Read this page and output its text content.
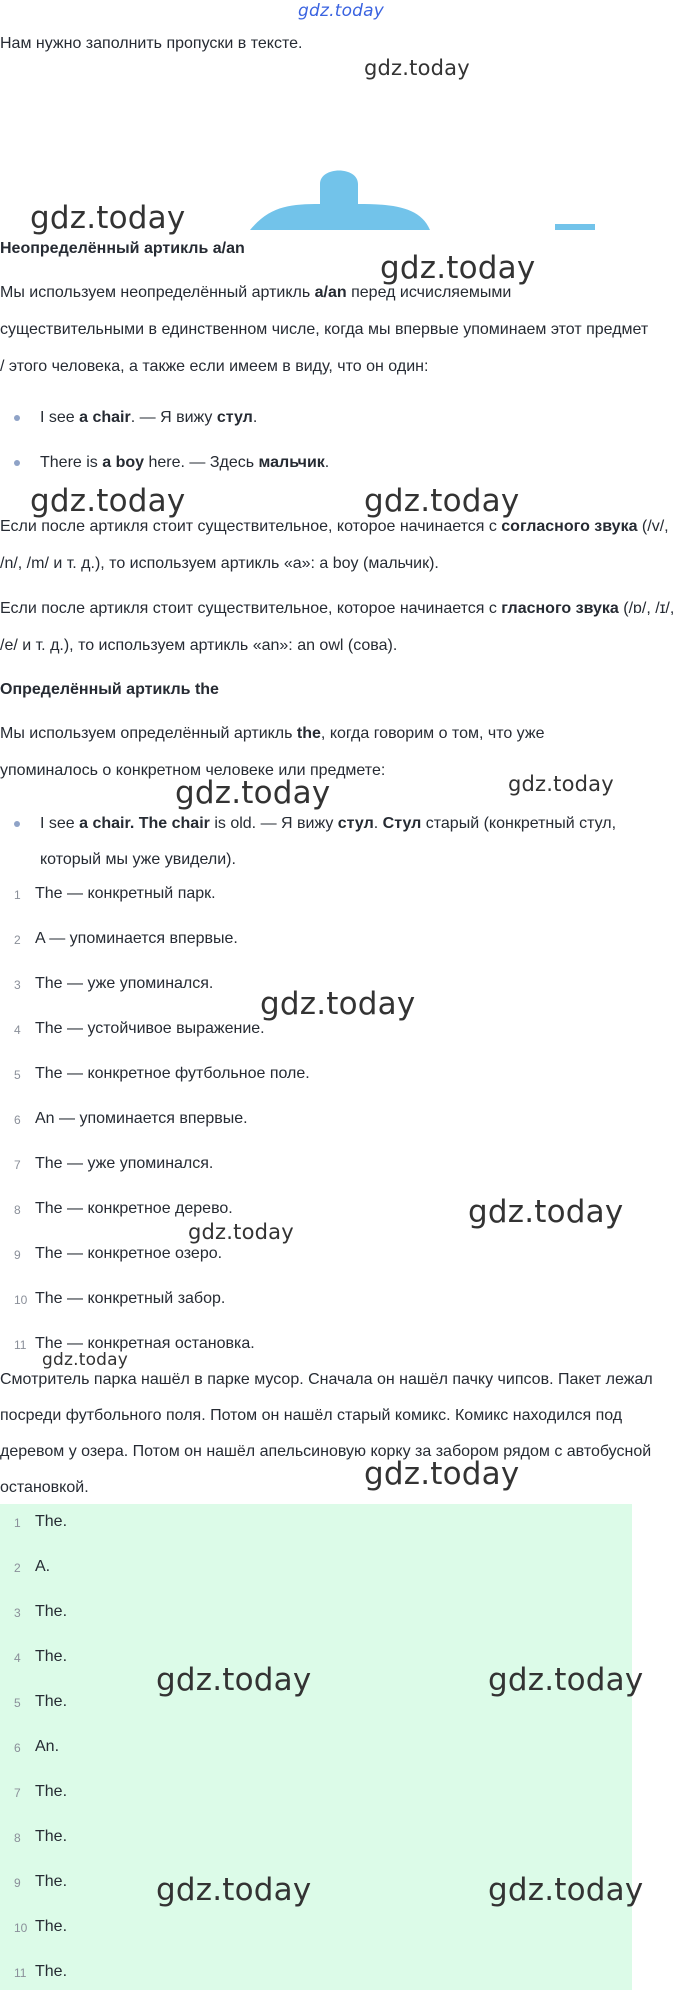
gdz.today

Нам нужно заполнить пропуски в тексте.

Неопределённый артикль a/an

Мы используем неопределённый артикль a/an перед исчисляемыми существительными в единственном числе, когда мы впервые упоминаем этот предмет / этого человека, а также если имеем в виду, что он один:

I see a chair. — Я вижу стул.

There is a boy here. — Здесь мальчик.

Если после артикля стоит существительное, которое начинается с согласного звука (/v/, /n/, /m/ и т. д.), то используем артикль «a»: a boy (мальчик).

Если после артикля стоит существительное, которое начинается с гласного звука (/ɒ/, /ɪ/, /e/ и т. д.), то используем артикль «an»: an owl (сова).

Определённый артикль the

Мы используем определённый артикль the, когда говорим о том, что уже упоминалось о конкретном человеке или предмете:

I see a chair. The chair is old. — Я вижу стул. Стул старый (конкретный стул, который мы уже увидели).

1 The — конкретный парк.
2 A — упоминается впервые.
3 The — уже упоминался.
4 The — устойчивое выражение.
5 The — конкретное футбольное поле.
6 An — упоминается впервые.
7 The — уже упоминался.
8 The — конкретное дерево.
9 The — конкретное озеро.
10 The — конкретный забор.
11 The — конкретная остановка.

Смотритель парка нашёл в парке мусор. Сначала он нашёл пачку чипсов. Пакет лежал посреди футбольного поля. Потом он нашёл старый комикс. Комикс находился под деревом у озера. Потом он нашёл апельсиновую корку за забором рядом с автобусной остановкой.

1 The.
2 A.
3 The.
4 The.
5 The.
6 An.
7 The.
8 The.
9 The.
10 The.
11 The.
gdz.today
gdz.today
gdz.today
gdz.today	gdz.today
gdz.today
gdz.today
gdz.today
gdz.today
gdz.today
gdz.today
gdz.today
gdz.today	gdz.today
gdz.today	gdz.today
